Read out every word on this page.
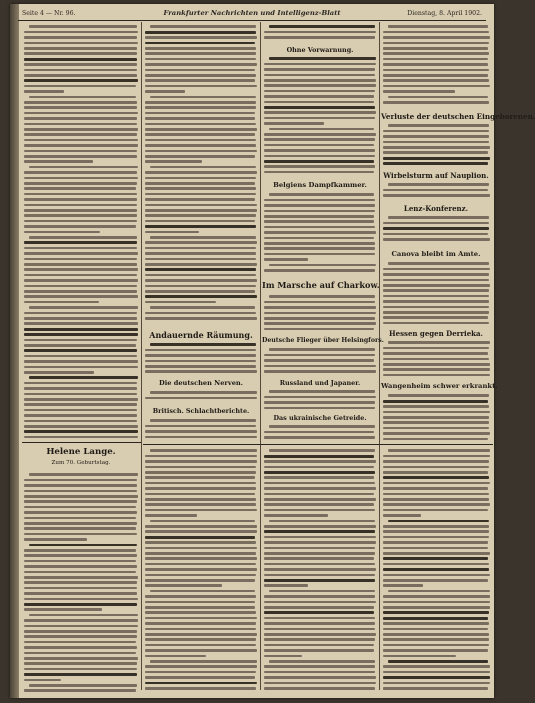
Seite 4 — Nr. 96.	Frankfurter Nachrichten und Intelligenz-Blatt	Dienstag, 8. April 1902.
Helene Lange.
Zum 70. Geburtstag.
Ohne Vorwarnung.
Belgiens Dampfkammer.
Im Marsche auf Charkow.
Deutsche Flieger über Helsingfors.
Russland und Japaner.
Das ukrainische Getreide.
Andauernde Räumung.
Die deutschen Nerven.
Britisch. Schlachtberichte.
Verluste der deutschen Eingeborenen.
Wirbelsturm auf Nauplion.
Lenz-Konferenz.
Canova bleibt im Amte.
Hessen gegen Derrieka.
Wangenheim schwer erkrankt.
